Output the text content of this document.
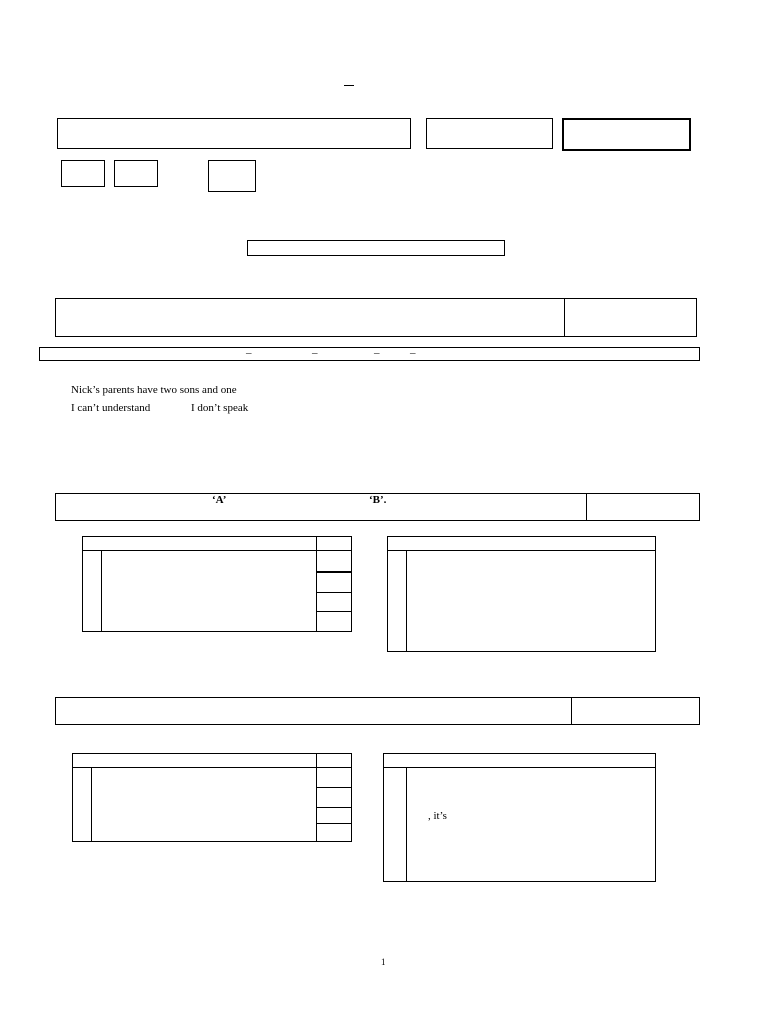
–	–	–	–
Nick’s parents have two sons and one
I can’t understand	I don’t speak
‘A’	‘B’.
, it’s
1
